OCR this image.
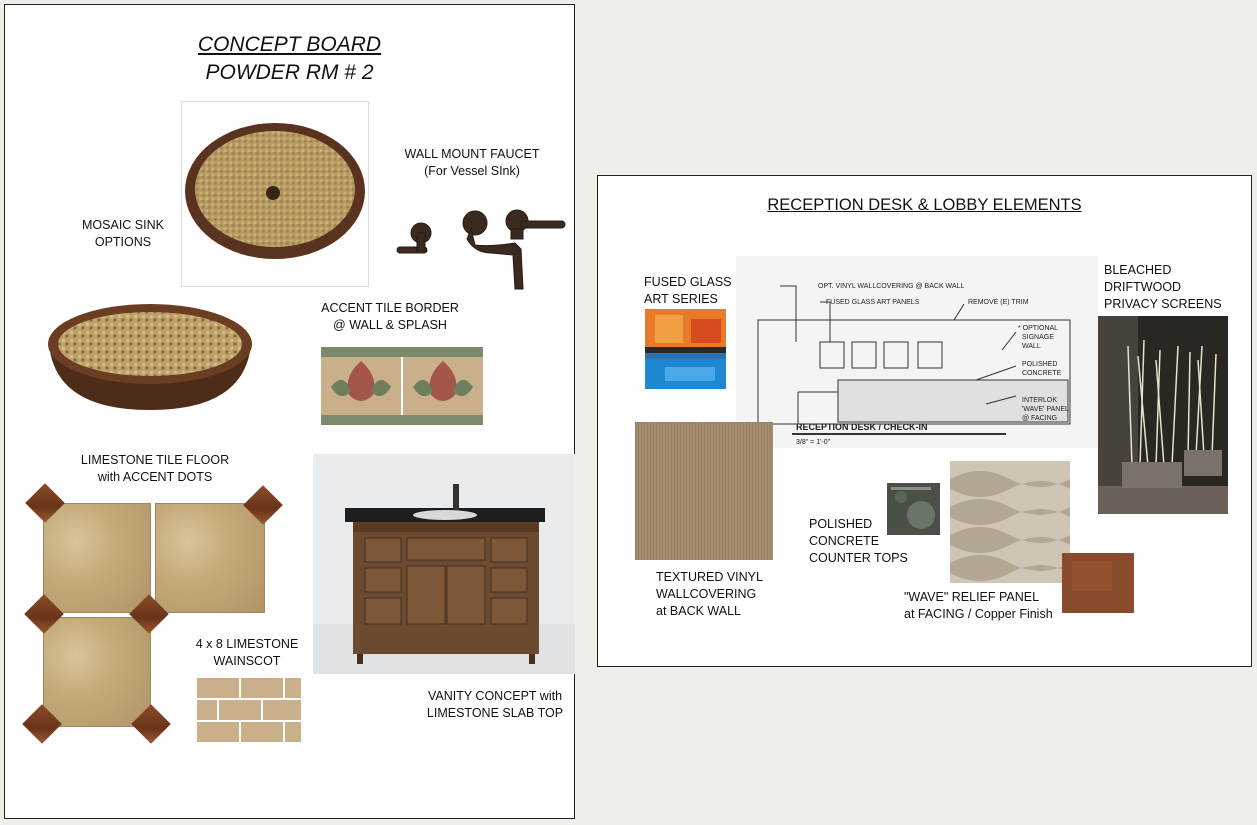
CONCEPT BOARD
POWDER RM # 2
MOSAIC SINK
OPTIONS
WALL MOUNT FAUCET
(For Vessel SInk)
ACCENT TILE BORDER
@ WALL & SPLASH
LIMESTONE TILE FLOOR
with ACCENT DOTS
4 x 8 LIMESTONE
WAINSCOT
VANITY CONCEPT with
LIMESTONE SLAB TOP
RECEPTION DESK & LOBBY ELEMENTS
FUSED GLASS
ART SERIES
OPT. VINYL WALLCOVERING @ BACK WALL
FUSED GLASS ART PANELS	REMOVE (E) TRIM
* OPTIONAL
SIGNAGE
WALL
POLISHED
CONCRETE
INTERLOK
'WAVE' PANEL
@ FACING
RECEPTION DESK / CHECK-IN
3/8" = 1'-0"
BLEACHED
DRIFTWOOD
PRIVACY SCREENS
TEXTURED VINYL
WALLCOVERING
at BACK WALL
POLISHED
CONCRETE
COUNTER TOPS
"WAVE" RELIEF PANEL
at FACING / Copper Finish
